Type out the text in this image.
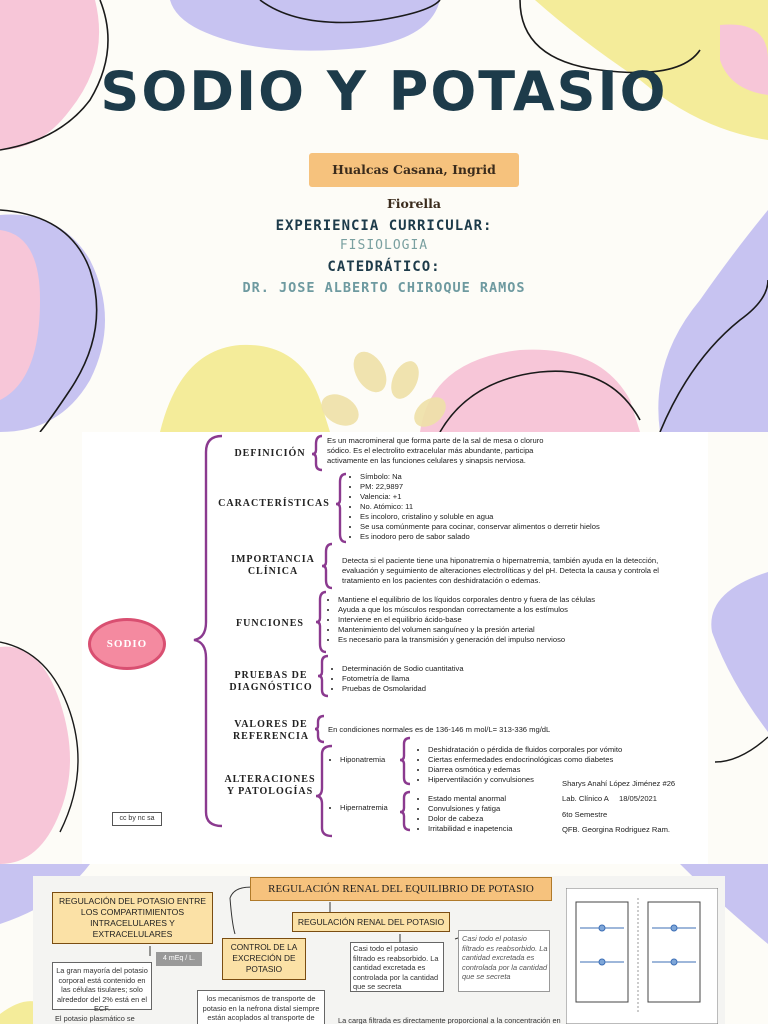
SODIO Y POTASIO
Hualcas Casana, Ingrid Fiorella
EXPERIENCIA CURRICULAR:
FISIOLOGIA
CATEDRÁTICO:
DR. JOSE ALBERTO CHIROQUE RAMOS
SODIO
DEFINICIÓN
Es un macromineral que forma parte de la sal de mesa o cloruro sódico. Es el electrolito extracelular más abundante, participa activamente en las funciones celulares y sinapsis nerviosa.
CARACTERÍSTICAS
• Símbolo: Na
• PM: 22,9897
• Valencia: +1
• No. Atómico: 11
• Es incoloro, cristalino y soluble en agua
• Se usa comúnmente para cocinar, conservar alimentos o derretir hielos
• Es inodoro pero de sabor salado
IMPORTANCIA CLÍNICA
Detecta si el paciente tiene una hiponatremia o hipernatremia, también ayuda en la detección, evaluación y seguimiento de alteraciones electrolíticas y del pH. Detecta la causa y controla el tratamiento en los pacientes con deshidratación o edemas.
FUNCIONES
• Mantiene el equilibrio de los líquidos corporales dentro y fuera de las células
• Ayuda a que los músculos respondan correctamente a los estímulos
• Interviene en el equilibrio ácido-base
• Mantenimiento del volumen sanguíneo y la presión arterial
• Es necesario para la transmisión y generación del impulso nervioso
PRUEBAS DE DIAGNÓSTICO
• Determinación de Sodio cuantitativa
• Fotometría de llama
• Pruebas de Osmolaridad
VALORES DE REFERENCIA
En condiciones normales es de 136-146 m mol/L= 313-336 mg/dL
ALTERACIONES Y PATOLOGÍAS
• Hiponatremia
• Deshidratación o pérdida de fluidos corporales por vómito
• Ciertas enfermedades endocrinológicas como diabetes
• Diarrea osmótica y edemas
• Hiperventilación y convulsiones
• Hipernatremia
• Estado mental anormal
• Convulsiones y fatiga
• Dolor de cabeza
• Irritabilidad e inapetencia
Sharys Anahí López Jiménez #26
Lab. Clínico A     18/05/2021
6to Semestre
QFB. Georgina Rodriguez Ram.
cc by nc sa
REGULACIÓN RENAL DEL EQUILIBRIO DE POTASIO
REGULACIÓN DEL POTASIO ENTRE LOS COMPARTIMIENTOS INTRACELULARES Y EXTRACELULARES
REGULACIÓN RENAL DEL POTASIO
CONTROL DE LA EXCRECIÓN DE POTASIO
4 mEq / L.
La gran mayoría del potasio corporal está contenido en las células tisulares; solo alrededor del 2% está en el ECF.
El potasio plasmático se
los mecanismos de transporte de potasio en la nefrona distal siempre están acoplados al transporte de
Casi todo el potasio filtrado es reabsorbido. La cantidad excretada es controlada por la cantidad que se secreta
Casi todo el potasio filtrado es reabsorbido. La cantidad excretada es controlada por la cantidad que se secreta
La carga filtrada es directamente proporcional a la concentración en
